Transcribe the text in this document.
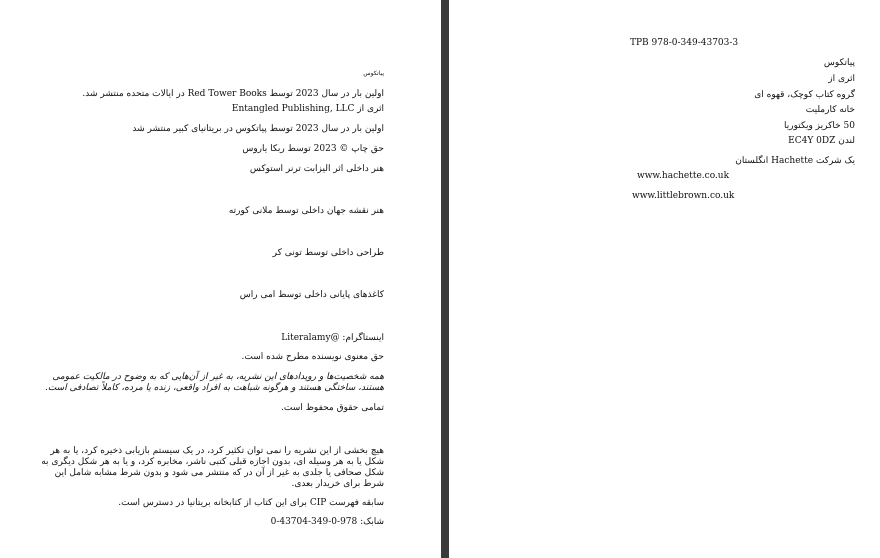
پیاتکوس
اولین بار در سال 2023 توسط Red Tower Books در ایالات متحده منتشر شد.
اثری از Entangled Publishing, LLC
اولین بار در سال 2023 توسط پیاتکوس در بریتانیای کبیر منتشر شد
حق چاپ © 2023 توسط ربکا یاروس
هنر داخلی اثر الیزابت ترنر استوکس
هنر نقشه جهان داخلی توسط ملانی کورته
طراحی داخلی توسط تونی کر
کاغذهای پایانی داخلی توسط امی راس
اینستاگرام: @Literalamy
حق معنوی نویسنده مطرح شده است.
همه شخصیت‌ها و رویدادهای این نشریه، به غیر از آن‌هایی که به وضوح در مالکیت عمومی هستند، ساختگی هستند و هرگونه شباهت به افراد واقعی، زنده یا مرده، کاملاً تصادفی است.
تمامی حقوق محفوظ است.
هیچ بخشی از این نشریه را نمی توان تکثیر کرد، در یک سیستم بازیابی ذخیره کرد، یا به هر شکل یا به هر وسیله ای، بدون اجازه قبلی کتبی ناشر، مخابره کرد، و یا به هر شکل دیگری به شکل صحافی یا جلدی به غیر از آن در که منتشر می شود و بدون شرط مشابه شامل این شرط برای خریدار بعدی.
سابقه فهرست CIP برای این کتاب از کتابخانه بریتانیا در دسترس است.
شابک: 978-0-349-43704-0
TPB 978-0-349-43703-3
پیاتکوس
اثری از
گروه کتاب کوچک، قهوه ای
خانه کارملیت
50 خاکریز ویکتوریا
لندن EC4Y 0DZ
یک شرکت Hachette انگلستان
www.hachette.co.uk
www.littlebrown.co.uk
